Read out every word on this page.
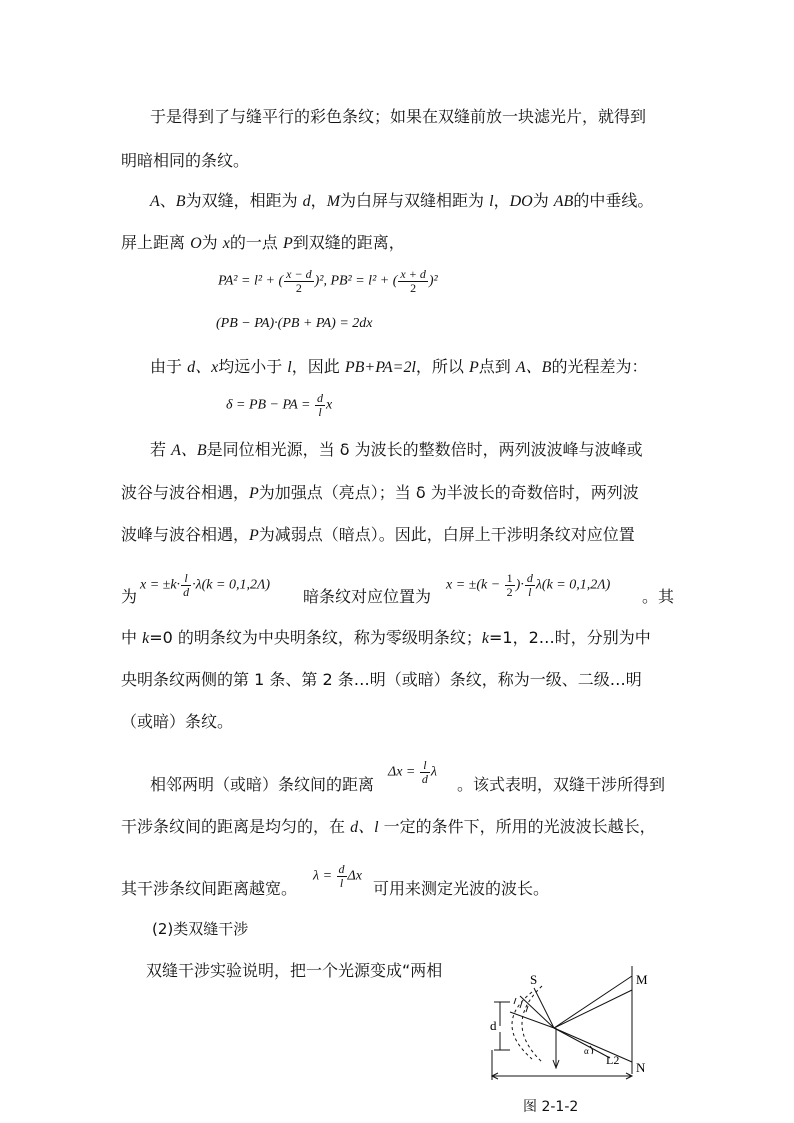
于是得到了与缝平行的彩色条纹；如果在双缝前放一块滤光片，就得到
明暗相同的条纹。
A、B为双缝，相距为 d，M为白屏与双缝相距为 l，DO为 AB的中垂线。
屏上距离 O为 x的一点 P到双缝的距离，
PA² = l² + ( $\frac{x - d}{2} )^2$, PB² = l² + ( $\frac{x + d}{2} )^2$
(PB − PA)·(PB + PA) = 2dx
由于 d、x均远小于 l，因此 PB+PA=2l，所以 P点到 A、B的光程差为：
δ = PB − PA = $\frac{d}{l}$ x
若 A、B是同位相光源，当 δ 为波长的整数倍时，两列波波峰与波峰或
波谷与波谷相遇，P为加强点（亮点）；当 δ 为半波长的奇数倍时，两列波
波峰与波谷相遇，P为减弱点（暗点）。因此，白屏上干涉明条纹对应位置
为
$x = \pm k\cdot \frac{l}{d} \cdot\lambda(k = 0,1,2\Lambda)$
暗条纹对应位置为
$x = \pm(k - \frac{1}{2}$ )· $\frac{d}{l} \lambda(k = 0,1,2\Lambda)$
。其
中 k=0 的明条纹为中央明条纹，称为零级明条纹；k=1，2…时，分别为中
央明条纹两侧的第 1 条、第 2 条…明（或暗）条纹，称为一级、二级…明
（或暗）条纹。
相邻两明（或暗）条纹间的距离
$\Delta x = \frac{l}{d}$ λ
。该式表明，双缝干涉所得到
干涉条纹间的距离是均匀的，在 d、l 一定的条件下，所用的光波波长越长，
其干涉条纹间距离越宽。
$\lambda = \frac{d}{l}$ Δx
可用来测定光波的波长。
(2)类双缝干涉
双缝干涉实验说明，把一个光源变成“两相	S	M
N
d
L2
α
图 2-1-2
